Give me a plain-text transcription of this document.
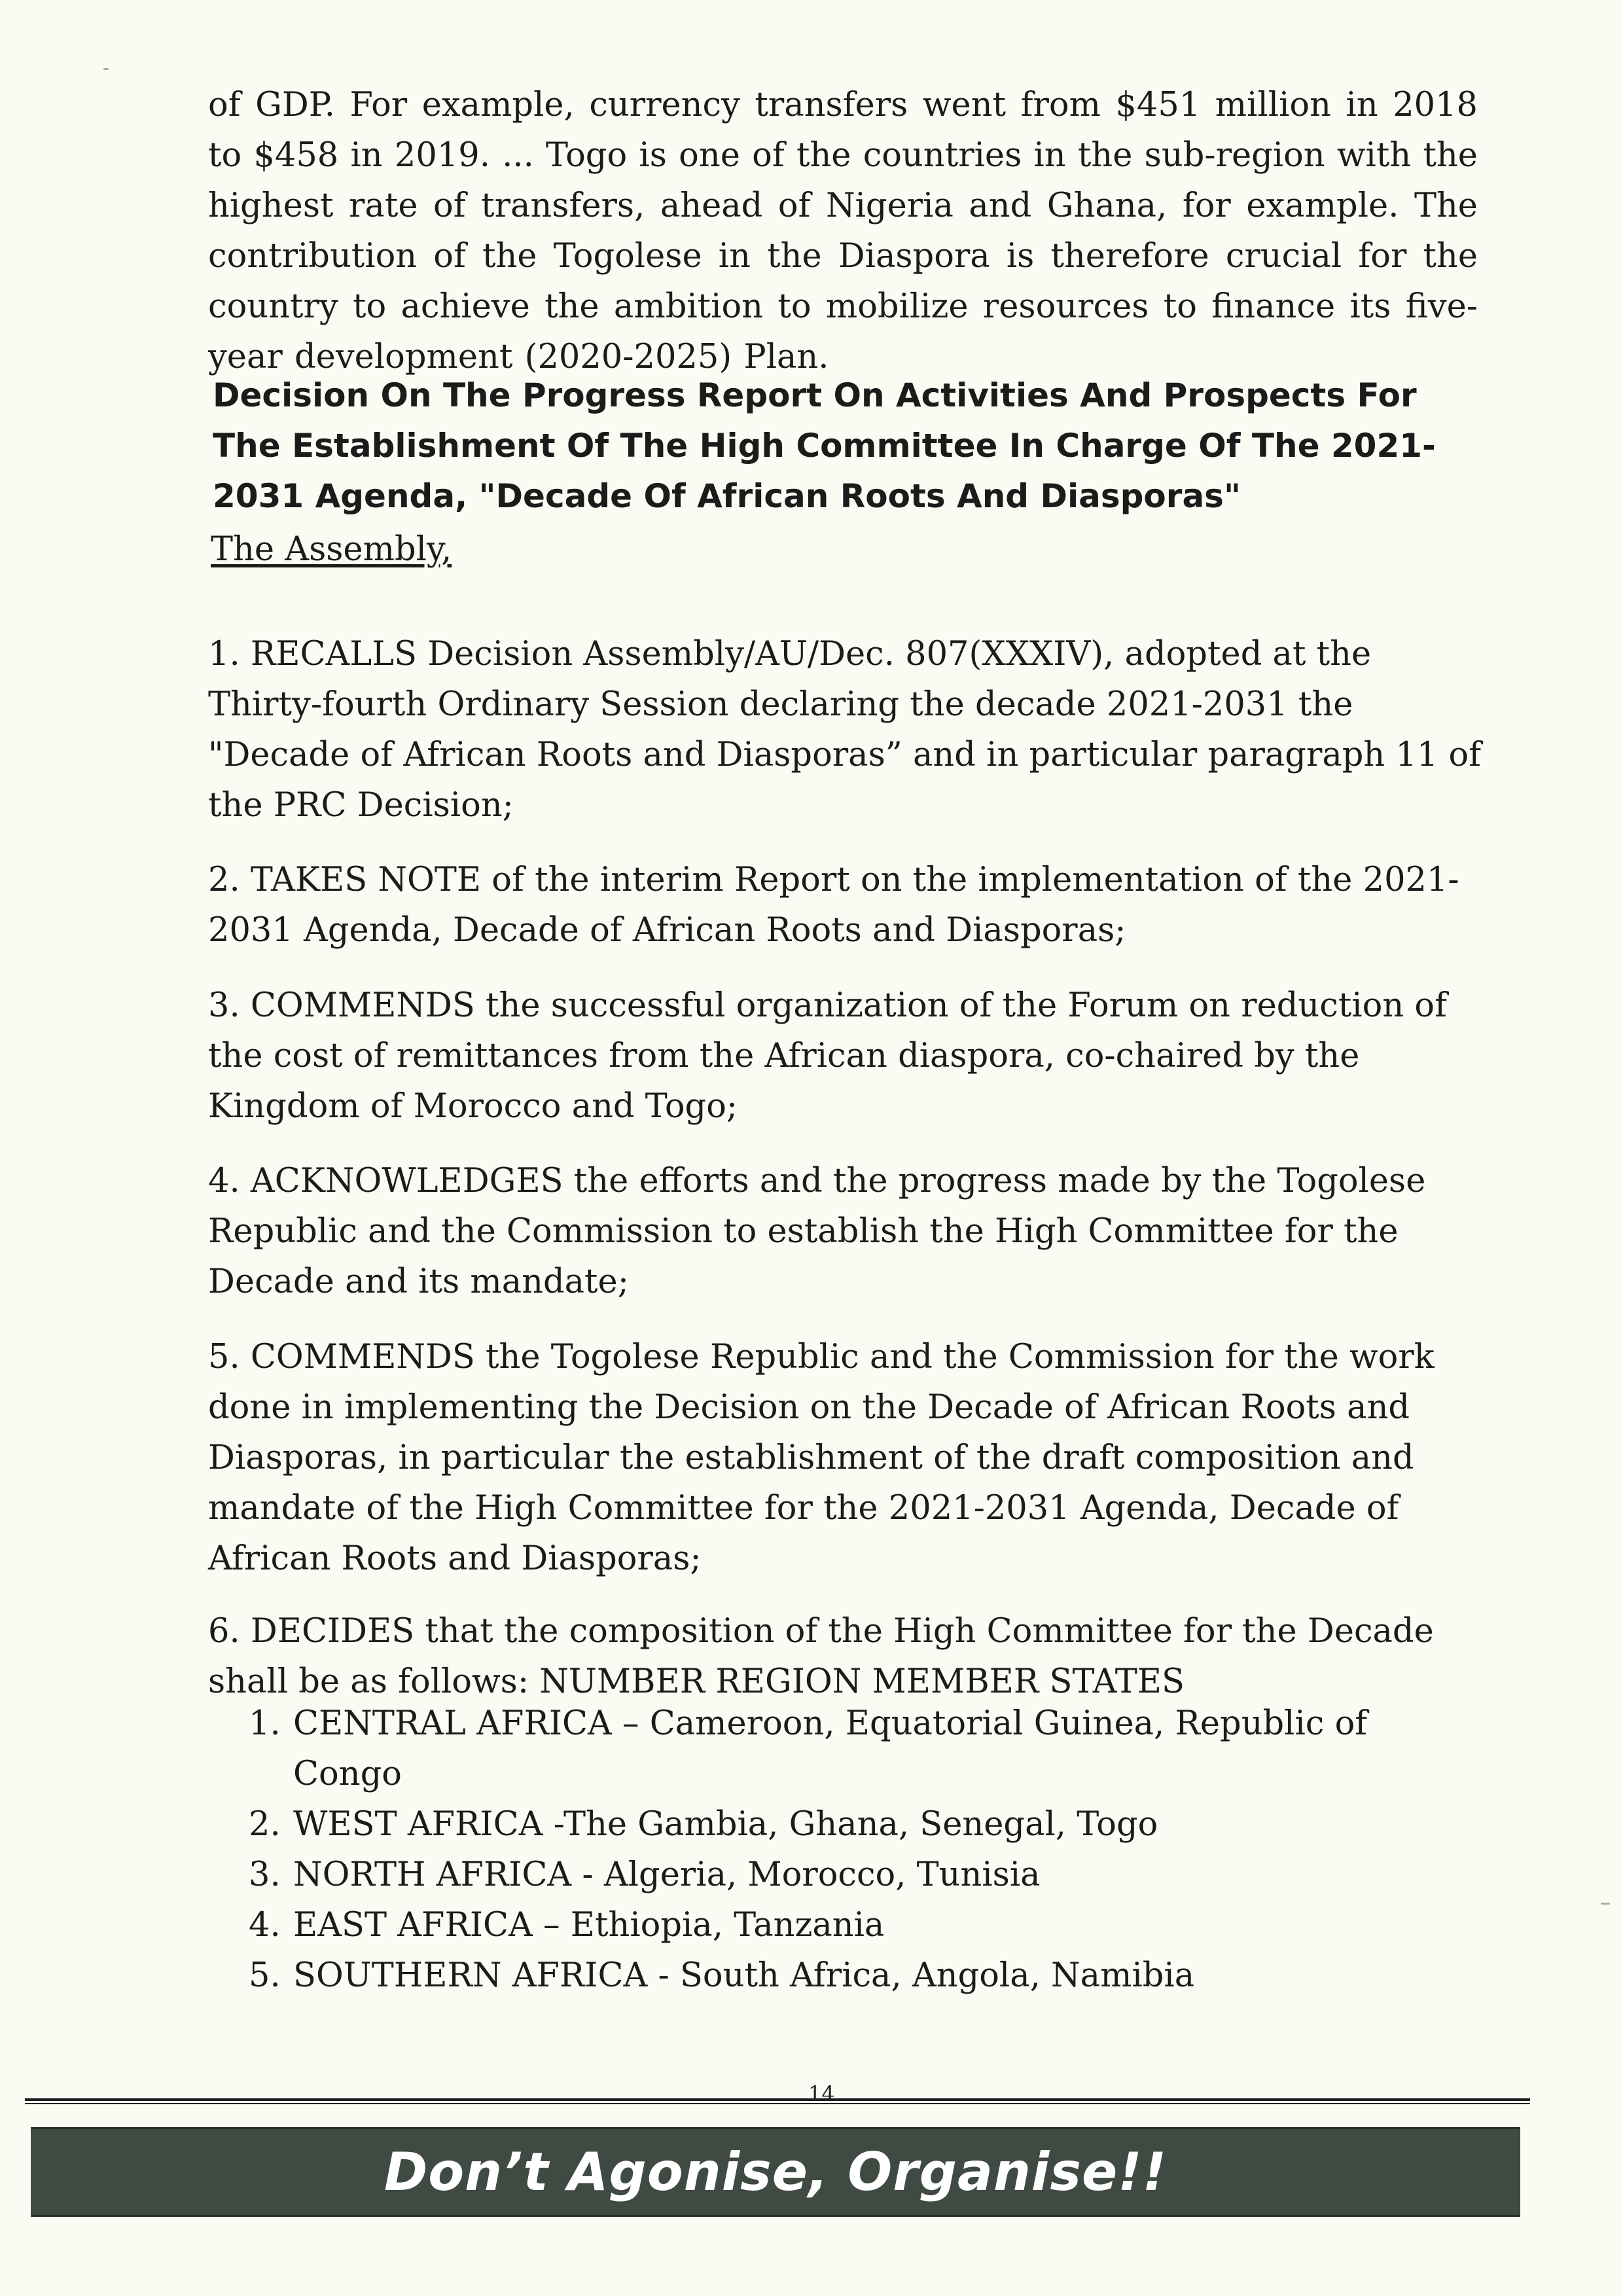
of GDP. For example, currency transfers went from $451 million in 2018 to $458 in 2019. ... Togo is one of the countries in the sub-region with the highest rate of transfers, ahead of Nigeria and Ghana, for example. The contribution of the Togolese in the Diaspora is therefore crucial for the country to achieve the ambition to mobilize resources to finance its five-year development (2020-2025) Plan.

Decision On The Progress Report On Activities And Prospects For The Establishment Of The High Committee In Charge Of The 2021-2031 Agenda, "Decade Of African Roots And Diasporas"
The Assembly,

1. RECALLS Decision Assembly/AU/Dec. 807(XXXIV), adopted at the Thirty-fourth Ordinary Session declaring the decade 2021-2031 the "Decade of African Roots and Diasporas” and in particular paragraph 11 of the PRC Decision;

2. TAKES NOTE of the interim Report on the implementation of the 2021-2031 Agenda, Decade of African Roots and Diasporas;

3. COMMENDS the successful organization of the Forum on reduction of the cost of remittances from the African diaspora, co-chaired by the Kingdom of Morocco and Togo;

4. ACKNOWLEDGES the efforts and the progress made by the Togolese Republic and the Commission to establish the High Committee for the Decade and its mandate;

5. COMMENDS the Togolese Republic and the Commission for the work done in implementing the Decision on the Decade of African Roots and Diasporas, in particular the establishment of the draft composition and mandate of the High Committee for the 2021-2031 Agenda, Decade of African Roots and Diasporas;

6. DECIDES that the composition of the High Committee for the Decade shall be as follows: NUMBER REGION MEMBER STATES

1. CENTRAL AFRICA – Cameroon, Equatorial Guinea, Republic of Congo
2. WEST AFRICA -The Gambia, Ghana, Senegal, Togo
3. NORTH AFRICA - Algeria, Morocco, Tunisia
4. EAST AFRICA – Ethiopia, Tanzania
5. SOUTHERN AFRICA - South Africa, Angola, Namibia
14
Don’t Agonise, Organise!!
